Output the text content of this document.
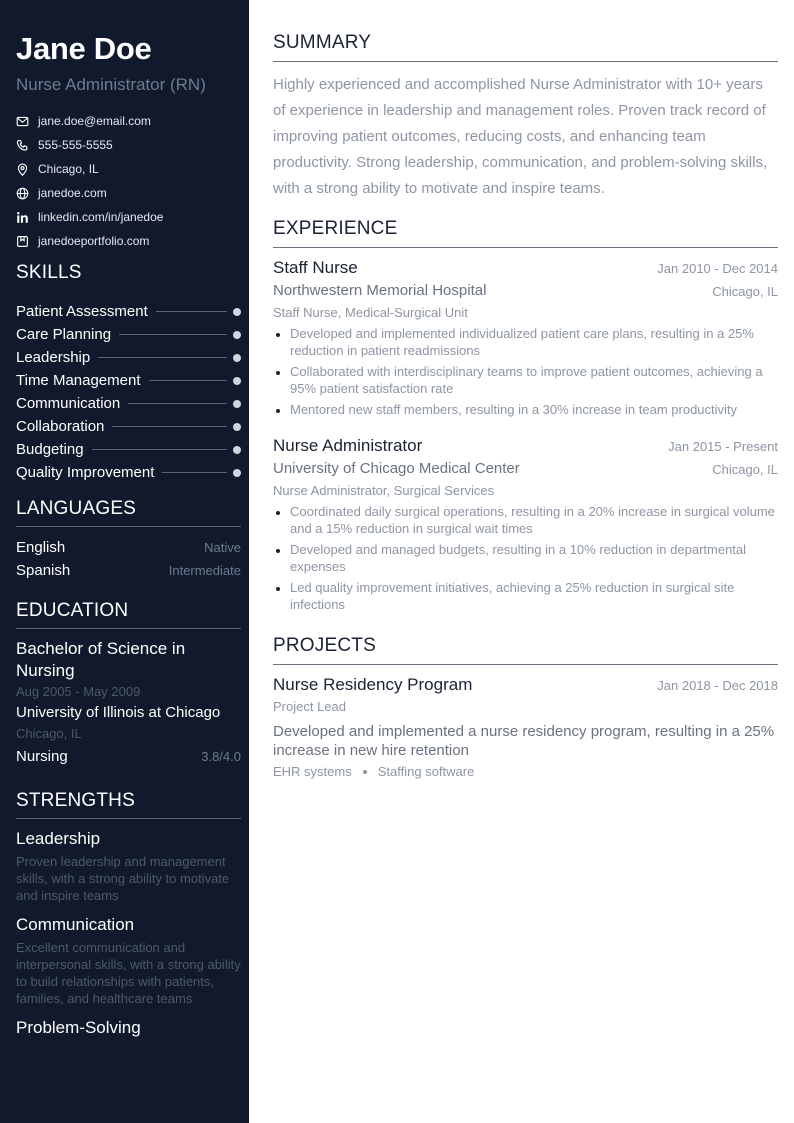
Jane Doe
Nurse Administrator (RN)
jane.doe@email.com
555-555-5555
Chicago, IL
janedoe.com
linkedin.com/in/janedoe
janedoeportfolio.com
SKILLS
Patient Assessment
Care Planning
Leadership
Time Management
Communication
Collaboration
Budgeting
Quality Improvement
LANGUAGES
English	Native
Spanish	Intermediate
EDUCATION
Bachelor of Science in Nursing
Aug 2005 - May 2009
University of Illinois at Chicago
Chicago, IL
Nursing	3.8/4.0
STRENGTHS
Leadership
Proven leadership and management skills, with a strong ability to motivate and inspire teams
Communication
Excellent communication and interpersonal skills, with a strong ability to build relationships with patients, families, and healthcare teams
Problem-Solving
SUMMARY

Highly experienced and accomplished Nurse Administrator with 10+ years of experience in leadership and management roles. Proven track record of improving patient outcomes, reducing costs, and enhancing team productivity. Strong leadership, communication, and problem-solving skills, with a strong ability to motivate and inspire teams.

EXPERIENCE
Staff Nurse	Jan 2010 - Dec 2014
Northwestern Memorial Hospital	Chicago, IL
Staff Nurse, Medical-Surgical Unit
Developed and implemented individualized patient care plans, resulting in a 25% reduction in patient readmissions
Collaborated with interdisciplinary teams to improve patient outcomes, achieving a 95% patient satisfaction rate
Mentored new staff members, resulting in a 30% increase in team productivity
Nurse Administrator	Jan 2015 - Present
University of Chicago Medical Center	Chicago, IL
Nurse Administrator, Surgical Services
Coordinated daily surgical operations, resulting in a 20% increase in surgical volume and a 15% reduction in surgical wait times
Developed and managed budgets, resulting in a 10% reduction in departmental expenses
Led quality improvement initiatives, achieving a 25% reduction in surgical site infections
PROJECTS
Nurse Residency Program	Jan 2018 - Dec 2018
Project Lead
Developed and implemented a nurse residency program, resulting in a 25% increase in new hire retention
EHR systems Staffing software
